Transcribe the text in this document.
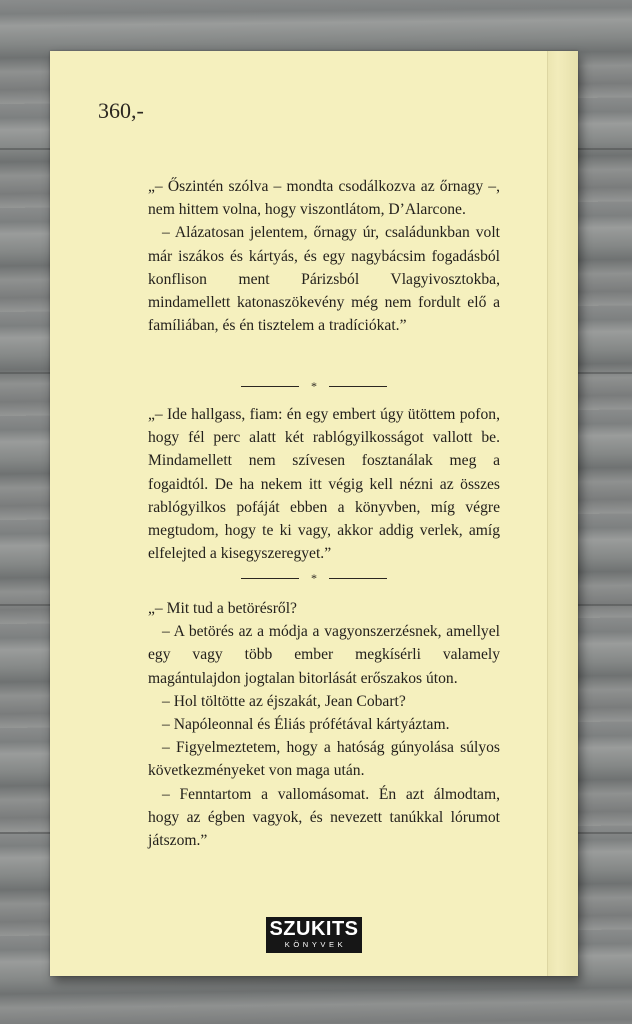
360,-

„– Őszintén szólva – mondta csodálkozva az őrnagy –, nem hittem volna, hogy viszontlátom, D’Alarcone.

– Alázatosan jelentem, őrnagy úr, családunkban volt már iszákos és kártyás, és egy nagybácsim fogadásból konflison ment Párizsból Vlagyivosztokba, mindamellett katonaszökevény még nem fordult elő a famíliában, és én tisztelem a tradíciókat.”

*

„– Ide hallgass, fiam: én egy embert úgy ütöttem pofon, hogy fél perc alatt két rablógyilkosságot vallott be. Mindamellett nem szívesen fosztanálak meg a fogaidtól. De ha nekem itt végig kell nézni az összes rablógyilkos pofáját ebben a könyvben, míg végre megtudom, hogy te ki vagy, akkor addig verlek, amíg elfelejted a kisegyszeregyet.”

*

„– Mit tud a betörésről?

– A betörés az a módja a vagyonszerzésnek, amellyel egy vagy több ember megkísérli valamely magántulajdon jogtalan bitorlását erőszakos úton.

– Hol töltötte az éjszakát, Jean Cobart?

– Napóleonnal és Éliás prófétával kártyáztam.

– Figyelmeztetem, hogy a hatóság gúnyolása súlyos következményeket von maga után.

– Fenntartom a vallomásomat. Én azt álmodtam, hogy az égben vagyok, és nevezett tanúkkal lórumot játszom.”

SZUKITS
KÖNYVEK
